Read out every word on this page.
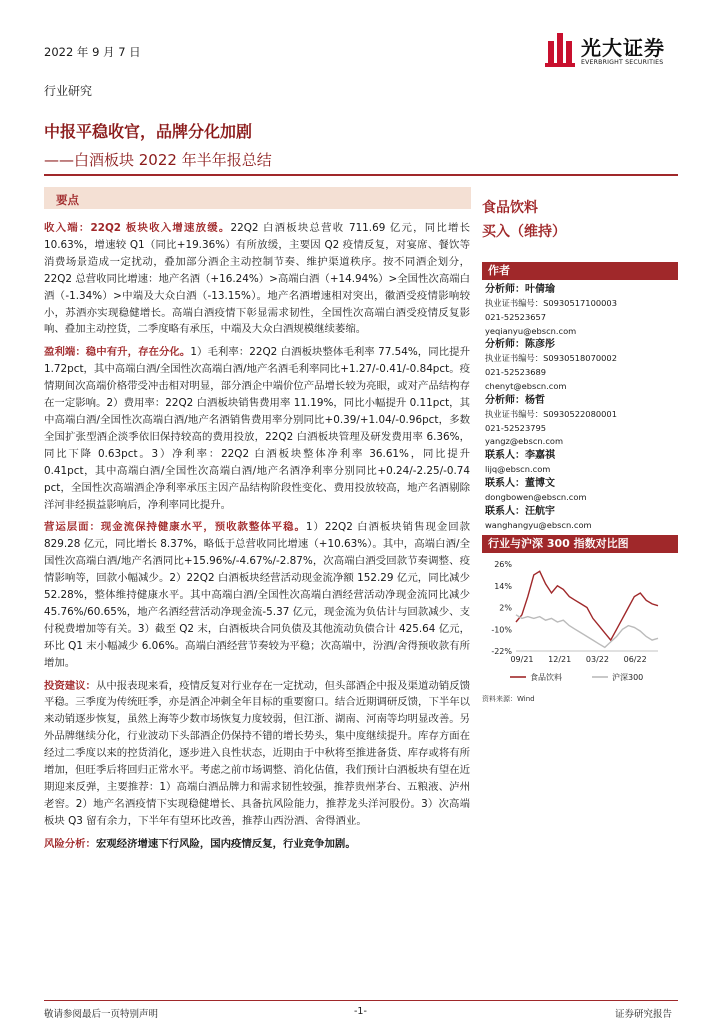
2022 年 9 月 7 日	光大证券
EVERBRIGHT SECURITIES
行业研究
中报平稳收官，品牌分化加剧
——白酒板块 2022 年半年报总结
要点

收入端：22Q2 板块收入增速放缓。22Q2 白酒板块总营收 711.69 亿元，同比增长 10.63%，增速较 Q1（同比+19.36%）有所放缓，主要因 Q2 疫情反复，对宴席、餐饮等消费场景造成一定扰动，叠加部分酒企主动控制节奏、维护渠道秩序。按不同酒企划分，22Q2 总营收同比增速：地产名酒（+16.24%）>高端白酒（+14.94%）>全国性次高端白酒（-1.34%）>中端及大众白酒（-13.15%）。地产名酒增速相对突出，徽酒受疫情影响较小，苏酒亦实现稳健增长。高端白酒疫情下彰显需求韧性，全国性次高端白酒受疫情反复影响、叠加主动控货，二季度略有承压，中端及大众白酒规模继续萎缩。

盈利端：稳中有升，存在分化。1）毛利率：22Q2 白酒板块整体毛利率 77.54%，同比提升 1.72pct，其中高端白酒/全国性次高端白酒/地产名酒毛利率同比+1.27/-0.41/-0.84pct。疫情期间次高端价格带受冲击相对明显，部分酒企中端价位产品增长较为亮眼，或对产品结构存在一定影响。2）费用率：22Q2 白酒板块销售费用率 11.19%，同比小幅提升 0.11pct，其中高端白酒/全国性次高端白酒/地产名酒销售费用率分别同比+0.39/+1.04/-0.96pct，多数全国扩张型酒企淡季依旧保持较高的费用投放，22Q2 白酒板块管理及研发费用率 6.36%，同比下降 0.63pct。3）净利率：22Q2 白酒板块整体净利率 36.61%，同比提升 0.41pct，其中高端白酒/全国性次高端白酒/地产名酒净利率分别同比+0.24/-2.25/-0.74 pct，全国性次高端酒企净利率承压主因产品结构阶段性变化、费用投放较高，地产名酒剔除洋河非经损益影响后，净利率同比提升。

营运层面：现金流保持健康水平，预收款整体平稳。1）22Q2 白酒板块销售现金回款 829.28 亿元，同比增长 8.37%，略低于总营收同比增速（+10.63%）。其中，高端白酒/全国性次高端白酒/地产名酒同比+15.96%/-4.67%/-2.87%，次高端白酒受回款节奏调整、疫情影响等，回款小幅减少。2）22Q2 白酒板块经营活动现金流净额 152.29 亿元，同比减少 52.28%，整体维持健康水平。其中高端白酒/全国性次高端白酒经营活动净现金流同比减少 45.76%/60.65%，地产名酒经营活动净现金流-5.37 亿元，现金流为负估计与回款减少、支付税费增加等有关。3）截至 Q2 末，白酒板块合同负债及其他流动负债合计 425.64 亿元，环比 Q1 末小幅减少 6.06%。高端白酒经营节奏较为平稳；次高端中，汾酒/舍得预收款有所增加。

投资建议：从中报表现来看，疫情反复对行业存在一定扰动，但头部酒企中报及渠道动销反馈平稳。三季度为传统旺季，亦是酒企冲刺全年目标的重要窗口。结合近期调研反馈，下半年以来动销逐步恢复，虽然上海等少数市场恢复力度较弱，但江浙、湖南、河南等均明显改善。另外品牌继续分化，行业波动下头部酒企仍保持不错的增长势头，集中度继续提升。库存方面在经过二季度以来的控货消化，逐步进入良性状态，近期由于中秋将至推进备货、库存或将有所增加，但旺季后将回归正常水平。考虑之前市场调整、消化估值，我们预计白酒板块有望在近期迎来反弹，主要推荐：1）高端白酒品牌力和需求韧性较强，推荐贵州茅台、五粮液、泸州老窖。2）地产名酒疫情下实现稳健增长、具备抗风险能力，推荐龙头洋河股份。3）次高端板块 Q3 留有余力，下半年有望环比改善，推荐山西汾酒、舍得酒业。

风险分析：宏观经济增速下行风险，国内疫情反复，行业竞争加剧。

食品饮料
买入（维持）
作者
分析师：叶倩瑜
执业证书编号：S0930517100003
021-52523657
yeqianyu@ebscn.com
分析师：陈彦彤
执业证书编号：S0930518070002
021-52523689
chenyt@ebscn.com
分析师：杨哲
执业证书编号：S0930522080001
021-52523795
yangz@ebscn.com
联系人：李嘉祺
lijq@ebscn.com
联系人：董博文
dongbowen@ebscn.com
联系人：汪航宇
wanghangyu@ebscn.com
行业与沪深 300 指数对比图
26%
14%
2%
-10%
-22%
09/21 12/21 03/22 06/22
食品饮料	沪深300
资料来源：Wind
敬请参阅最后一页特别声明	-1-	证券研究报告
